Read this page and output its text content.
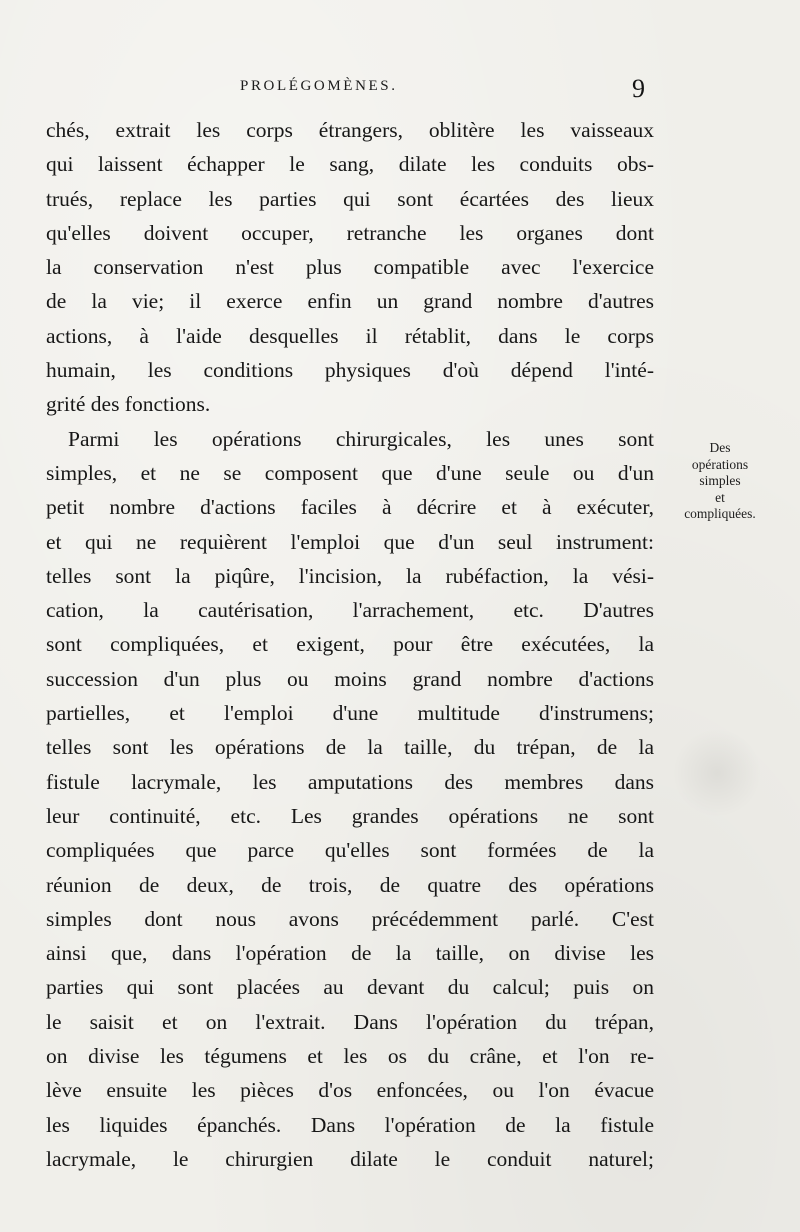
PROLÉGOMÈNES.	9
chés, extrait les corps étrangers, oblitère les vaisseaux
qui laissent échapper le sang, dilate les conduits obs-
trués, replace les parties qui sont écartées des lieux
qu'elles doivent occuper, retranche les organes dont
la conservation n'est plus compatible avec l'exercice
de la vie; il exerce enfin un grand nombre d'autres
actions, à l'aide desquelles il rétablit, dans le corps
humain, les conditions physiques d'où dépend l'inté-
grité des fonctions.
Parmi les opérations chirurgicales, les unes sont
simples, et ne se composent que d'une seule ou d'un
petit nombre d'actions faciles à décrire et à exécuter,
et qui ne requièrent l'emploi que d'un seul instrument:
telles sont la piqûre, l'incision, la rubéfaction, la vési-
cation, la cautérisation, l'arrachement, etc. D'autres
sont compliquées, et exigent, pour être exécutées, la
succession d'un plus ou moins grand nombre d'actions
partielles, et l'emploi d'une multitude d'instrumens;
telles sont les opérations de la taille, du trépan, de la
fistule lacrymale, les amputations des membres dans
leur continuité, etc. Les grandes opérations ne sont
compliquées que parce qu'elles sont formées de la
réunion de deux, de trois, de quatre des opérations
simples dont nous avons précédemment parlé. C'est
ainsi que, dans l'opération de la taille, on divise les
parties qui sont placées au devant du calcul; puis on
le saisit et on l'extrait. Dans l'opération du trépan,
on divise les tégumens et les os du crâne, et l'on re-
lève ensuite les pièces d'os enfoncées, ou l'on évacue
les liquides épanchés. Dans l'opération de la fistule
lacrymale, le chirurgien dilate le conduit naturel;
Des
opérations
simples
et
compliquées.
